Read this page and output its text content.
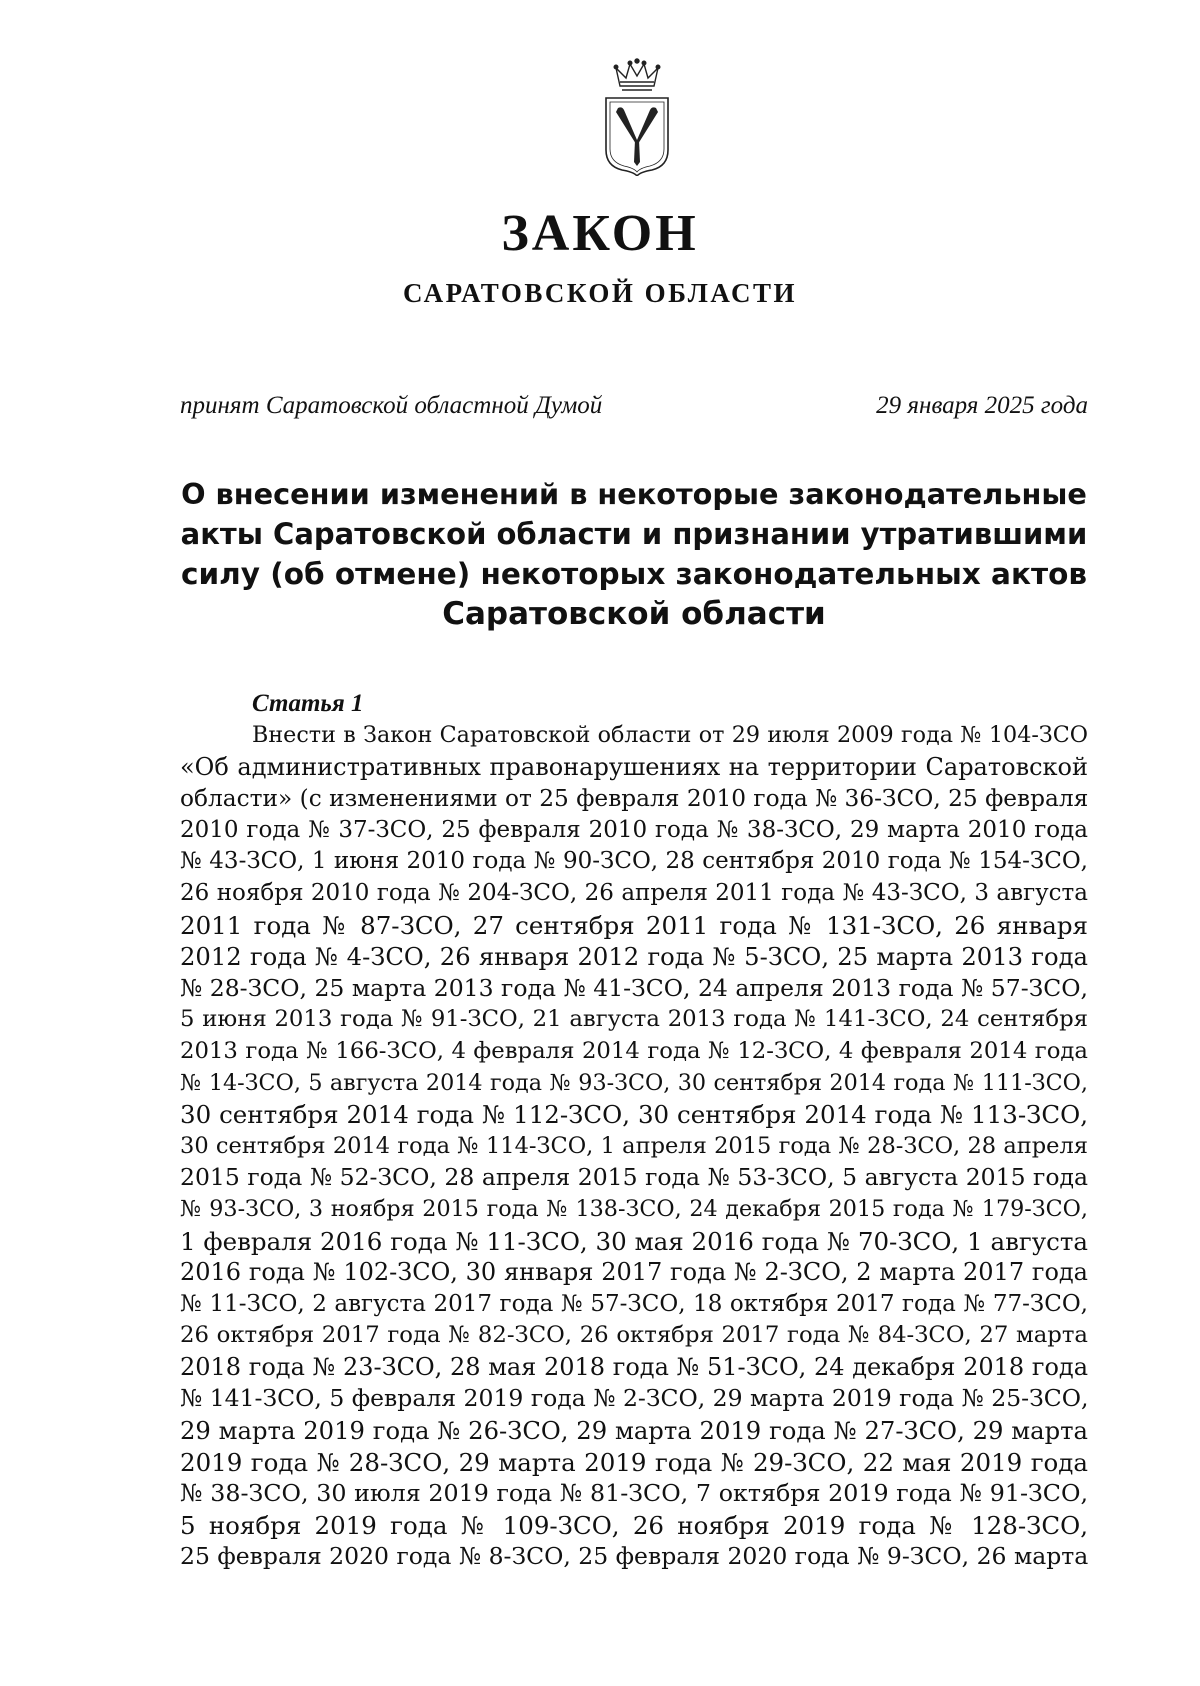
ЗАКОН
САРАТОВСКОЙ ОБЛАСТИ
принят Саратовской областной Думой	29 января 2025 года
О внесении изменений в некоторые законодательные
акты Саратовской области и признании утратившими
силу (об отмене) некоторых законодательных актов
Саратовской области
Статья 1
Внести в Закон Саратовской области от 29 июля 2009 года № 104-ЗСО
«Об административных правонарушениях на территории Саратовской
области» (с изменениями от 25 февраля 2010 года № 36-ЗСО, 25 февраля
2010 года № 37-ЗСО, 25 февраля 2010 года № 38-ЗСО, 29 марта 2010 года
№ 43-ЗСО, 1 июня 2010 года № 90-ЗСО, 28 сентября 2010 года № 154-ЗСО,
26 ноября 2010 года № 204-ЗСО, 26 апреля 2011 года № 43-ЗСО, 3 августа
2011 года № 87-ЗСО, 27 сентября 2011 года № 131-ЗСО, 26 января
2012 года № 4-ЗСО, 26 января 2012 года № 5-ЗСО, 25 марта 2013 года
№ 28-ЗСО, 25 марта 2013 года № 41-ЗСО, 24 апреля 2013 года № 57-ЗСО,
5 июня 2013 года № 91-ЗСО, 21 августа 2013 года № 141-ЗСО, 24 сентября
2013 года № 166-ЗСО, 4 февраля 2014 года № 12-ЗСО, 4 февраля 2014 года
№ 14-ЗСО, 5 августа 2014 года № 93-ЗСО, 30 сентября 2014 года № 111-ЗСО,
30 сентября 2014 года № 112-ЗСО, 30 сентября 2014 года № 113-ЗСО,
30 сентября 2014 года № 114-ЗСО, 1 апреля 2015 года № 28-ЗСО, 28 апреля
2015 года № 52-ЗСО, 28 апреля 2015 года № 53-ЗСО, 5 августа 2015 года
№ 93-ЗСО, 3 ноября 2015 года № 138-ЗСО, 24 декабря 2015 года № 179-ЗСО,
1 февраля 2016 года № 11-ЗСО, 30 мая 2016 года № 70-ЗСО, 1 августа
2016 года № 102-ЗСО, 30 января 2017 года № 2-ЗСО, 2 марта 2017 года
№ 11-ЗСО, 2 августа 2017 года № 57-ЗСО, 18 октября 2017 года № 77-ЗСО,
26 октября 2017 года № 82-ЗСО, 26 октября 2017 года № 84-ЗСО, 27 марта
2018 года № 23-ЗСО, 28 мая 2018 года № 51-ЗСО, 24 декабря 2018 года
№ 141-ЗСО, 5 февраля 2019 года № 2-ЗСО, 29 марта 2019 года № 25-ЗСО,
29 марта 2019 года № 26-ЗСО, 29 марта 2019 года № 27-ЗСО, 29 марта
2019 года № 28-ЗСО, 29 марта 2019 года № 29-ЗСО, 22 мая 2019 года
№ 38-ЗСО, 30 июля 2019 года № 81-ЗСО, 7 октября 2019 года № 91-ЗСО,
5 ноября 2019 года № 109-ЗСО, 26 ноября 2019 года № 128-ЗСО,
25 февраля 2020 года № 8-ЗСО, 25 февраля 2020 года № 9-ЗСО, 26 марта
